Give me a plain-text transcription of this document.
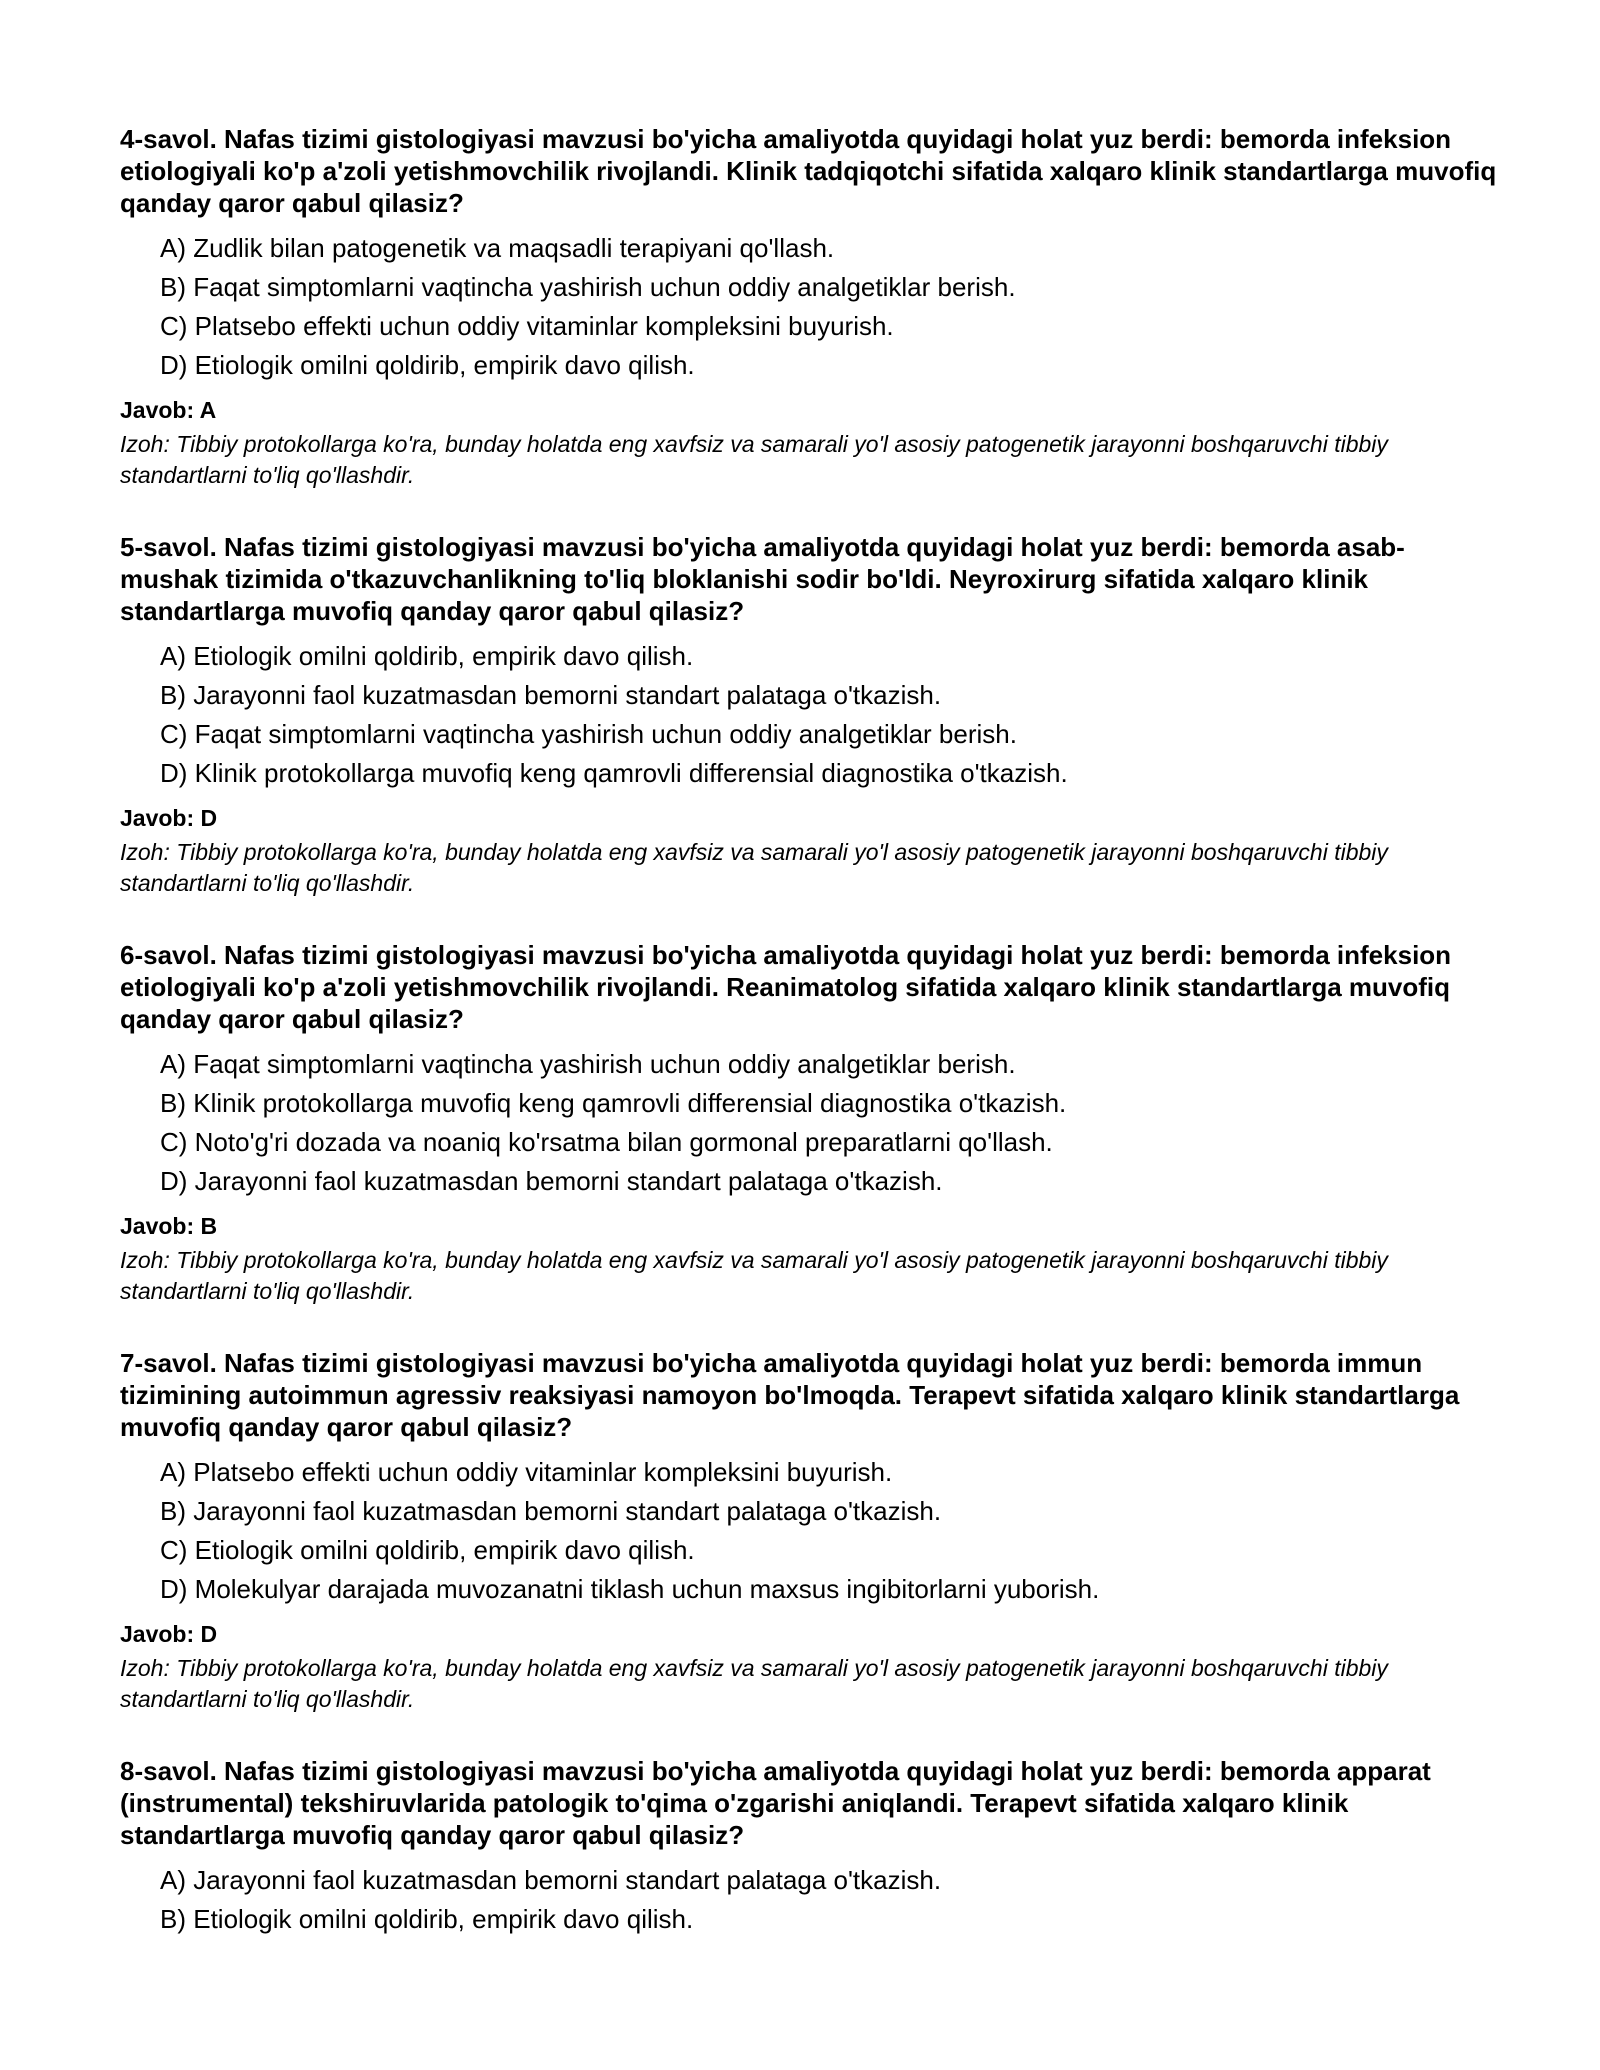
4-savol. Nafas tizimi gistologiyasi mavzusi bo'yicha amaliyotda quyidagi holat yuz berdi: bemorda infeksion etiologiyali ko'p a'zoli yetishmovchilik rivojlandi. Klinik tadqiqotchi sifatida xalqaro klinik standartlarga muvofiq qanday qaror qabul qilasiz?

A) Zudlik bilan patogenetik va maqsadli terapiyani qo'llash.
B) Faqat simptomlarni vaqtincha yashirish uchun oddiy analgetiklar berish.
C) Platsebo effekti uchun oddiy vitaminlar kompleksini buyurish.
D) Etiologik omilni qoldirib, empirik davo qilish.

Javob: A

Izoh: Tibbiy protokollarga ko'ra, bunday holatda eng xavfsiz va samarali yo'l asosiy patogenetik jarayonni boshqaruvchi tibbiy standartlarni to'liq qo'llashdir.

5-savol. Nafas tizimi gistologiyasi mavzusi bo'yicha amaliyotda quyidagi holat yuz berdi: bemorda asab-mushak tizimida o'tkazuvchanlikning to'liq bloklanishi sodir bo'ldi. Neyroxirurg sifatida xalqaro klinik standartlarga muvofiq qanday qaror qabul qilasiz?

A) Etiologik omilni qoldirib, empirik davo qilish.
B) Jarayonni faol kuzatmasdan bemorni standart palataga o'tkazish.
C) Faqat simptomlarni vaqtincha yashirish uchun oddiy analgetiklar berish.
D) Klinik protokollarga muvofiq keng qamrovli differensial diagnostika o'tkazish.

Javob: D

Izoh: Tibbiy protokollarga ko'ra, bunday holatda eng xavfsiz va samarali yo'l asosiy patogenetik jarayonni boshqaruvchi tibbiy standartlarni to'liq qo'llashdir.

6-savol. Nafas tizimi gistologiyasi mavzusi bo'yicha amaliyotda quyidagi holat yuz berdi: bemorda infeksion etiologiyali ko'p a'zoli yetishmovchilik rivojlandi. Reanimatolog sifatida xalqaro klinik standartlarga muvofiq qanday qaror qabul qilasiz?

A) Faqat simptomlarni vaqtincha yashirish uchun oddiy analgetiklar berish.
B) Klinik protokollarga muvofiq keng qamrovli differensial diagnostika o'tkazish.
C) Noto'g'ri dozada va noaniq ko'rsatma bilan gormonal preparatlarni qo'llash.
D) Jarayonni faol kuzatmasdan bemorni standart palataga o'tkazish.

Javob: B

Izoh: Tibbiy protokollarga ko'ra, bunday holatda eng xavfsiz va samarali yo'l asosiy patogenetik jarayonni boshqaruvchi tibbiy standartlarni to'liq qo'llashdir.

7-savol. Nafas tizimi gistologiyasi mavzusi bo'yicha amaliyotda quyidagi holat yuz berdi: bemorda immun tizimining autoimmun agressiv reaksiyasi namoyon bo'lmoqda. Terapevt sifatida xalqaro klinik standartlarga muvofiq qanday qaror qabul qilasiz?

A) Platsebo effekti uchun oddiy vitaminlar kompleksini buyurish.
B) Jarayonni faol kuzatmasdan bemorni standart palataga o'tkazish.
C) Etiologik omilni qoldirib, empirik davo qilish.
D) Molekulyar darajada muvozanatni tiklash uchun maxsus ingibitorlarni yuborish.

Javob: D

Izoh: Tibbiy protokollarga ko'ra, bunday holatda eng xavfsiz va samarali yo'l asosiy patogenetik jarayonni boshqaruvchi tibbiy standartlarni to'liq qo'llashdir.

8-savol. Nafas tizimi gistologiyasi mavzusi bo'yicha amaliyotda quyidagi holat yuz berdi: bemorda apparat (instrumental) tekshiruvlarida patologik to'qima o'zgarishi aniqlandi. Terapevt sifatida xalqaro klinik standartlarga muvofiq qanday qaror qabul qilasiz?

A) Jarayonni faol kuzatmasdan bemorni standart palataga o'tkazish.
B) Etiologik omilni qoldirib, empirik davo qilish.
